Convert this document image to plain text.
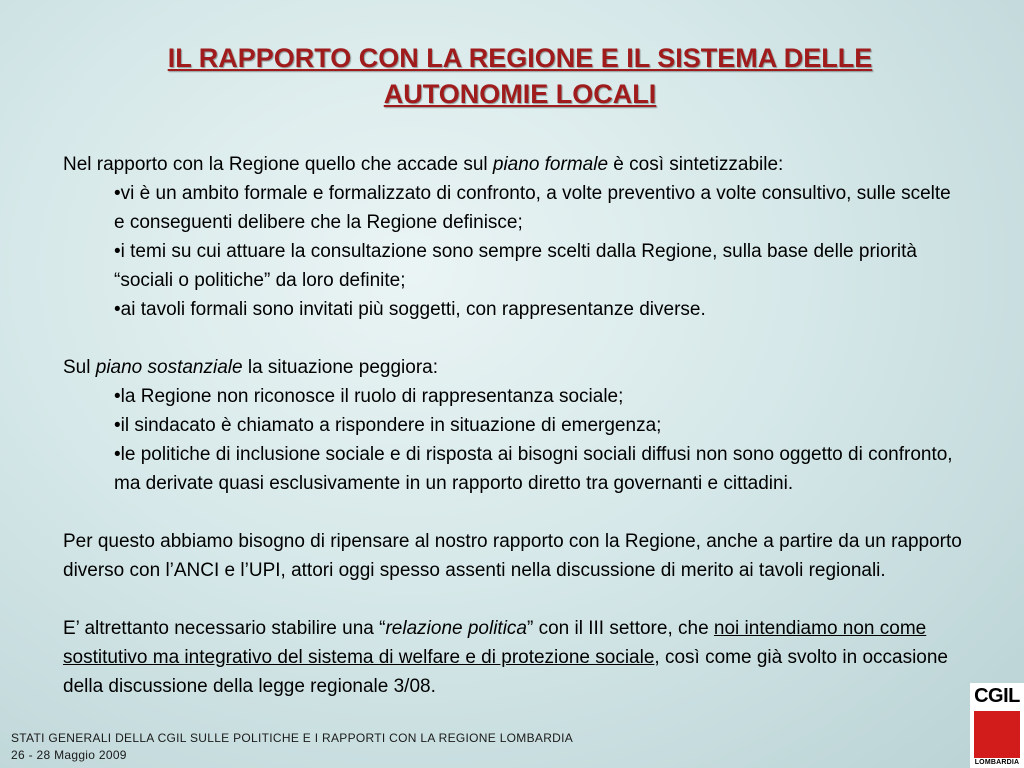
IL RAPPORTO CON LA REGIONE E IL SISTEMA DELLE
AUTONOMIE LOCALI

Nel rapporto con la Regione quello che accade sul piano formale è così sintetizzabile:

•vi è un ambito formale e formalizzato di confronto, a volte preventivo a volte consultivo, sulle scelte e conseguenti delibere che la Regione definisce;

•i temi su cui attuare la consultazione sono sempre scelti dalla Regione, sulla base delle priorità “sociali o politiche” da loro definite;

•ai tavoli formali sono invitati più soggetti, con rappresentanze diverse.

Sul piano sostanziale la situazione peggiora:

•la Regione non riconosce il ruolo di rappresentanza sociale;

•il sindacato è chiamato a rispondere in situazione di emergenza;

•le politiche di inclusione sociale e di risposta ai bisogni sociali diffusi non sono oggetto di confronto, ma derivate quasi esclusivamente in un rapporto diretto tra governanti e cittadini.

Per questo abbiamo bisogno di ripensare al nostro rapporto con la Regione, anche a partire da un rapporto diverso con l’ANCI e l’UPI, attori oggi spesso assenti nella discussione di merito ai tavoli regionali.

E’ altrettanto necessario stabilire una “relazione politica” con il III settore, che noi intendiamo non come sostitutivo ma integrativo del sistema di welfare e di protezione sociale, così come già svolto in occasione della discussione della legge regionale 3/08.

STATI GENERALI DELLA CGIL SULLE POLITICHE E I RAPPORTI CON LA REGIONE LOMBARDIA
26 - 28 Maggio 2009
CGIL
LOMBARDIA
